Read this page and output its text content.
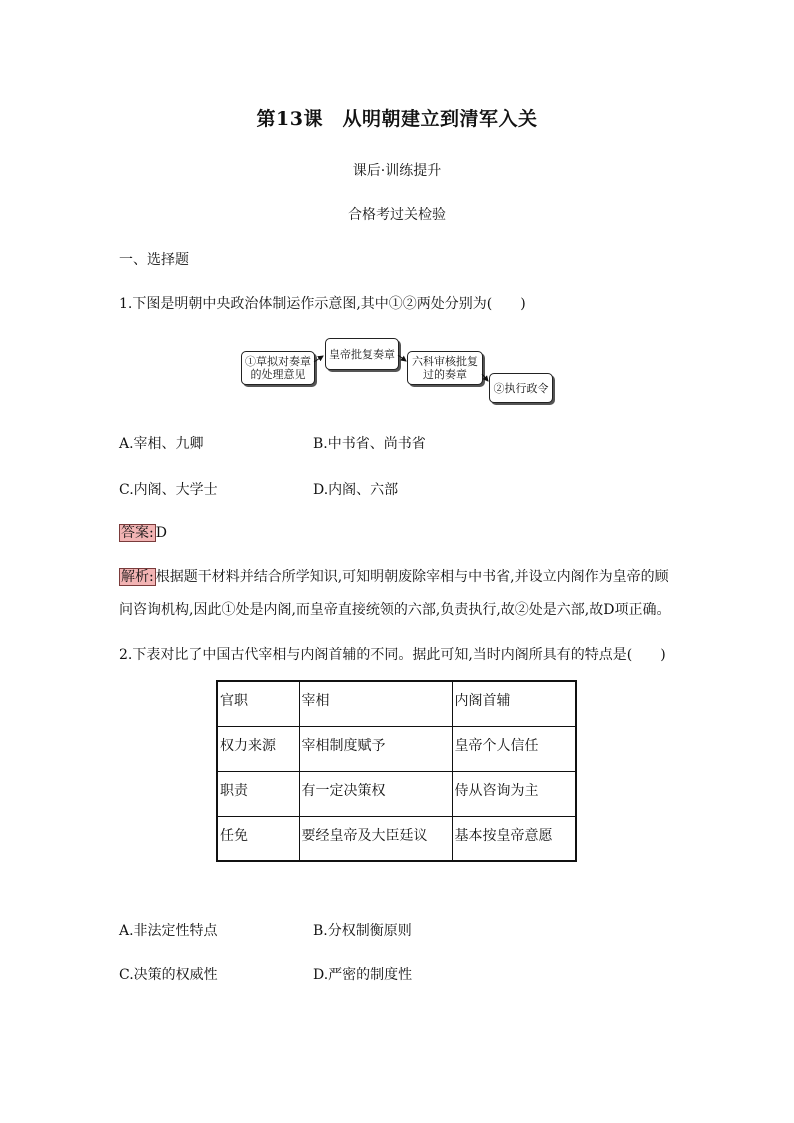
第13课　从明朝建立到清军入关
课后·训练提升
合格考过关检验
一、选择题
1.下图是明朝中央政治体制运作示意图,其中①②两处分别为(　　)
①草拟对奏章
的处理意见
皇帝批复奏章
六科审核批复
过的奏章
②执行政令
A.宰相、九卿	B.中书省、尚书省
C.内阁、大学士	D.内阁、六部
答案: D
解析: 根据题干材料并结合所学知识,可知明朝废除宰相与中书省,并设立内阁作为皇帝的顾
问咨询机构,因此①处是内阁,而皇帝直接统领的六部,负责执行,故②处是六部,故D项正确。
2.下表对比了中国古代宰相与内阁首辅的不同。据此可知,当时内阁所具有的特点是(　　)
官职	宰相	内阁首辅
权力来源	宰相制度赋予	皇帝个人信任
职责	有一定决策权	侍从咨询为主
任免	要经皇帝及大臣廷议	基本按皇帝意愿
A.非法定性特点	B.分权制衡原则
C.决策的权威性	D.严密的制度性
